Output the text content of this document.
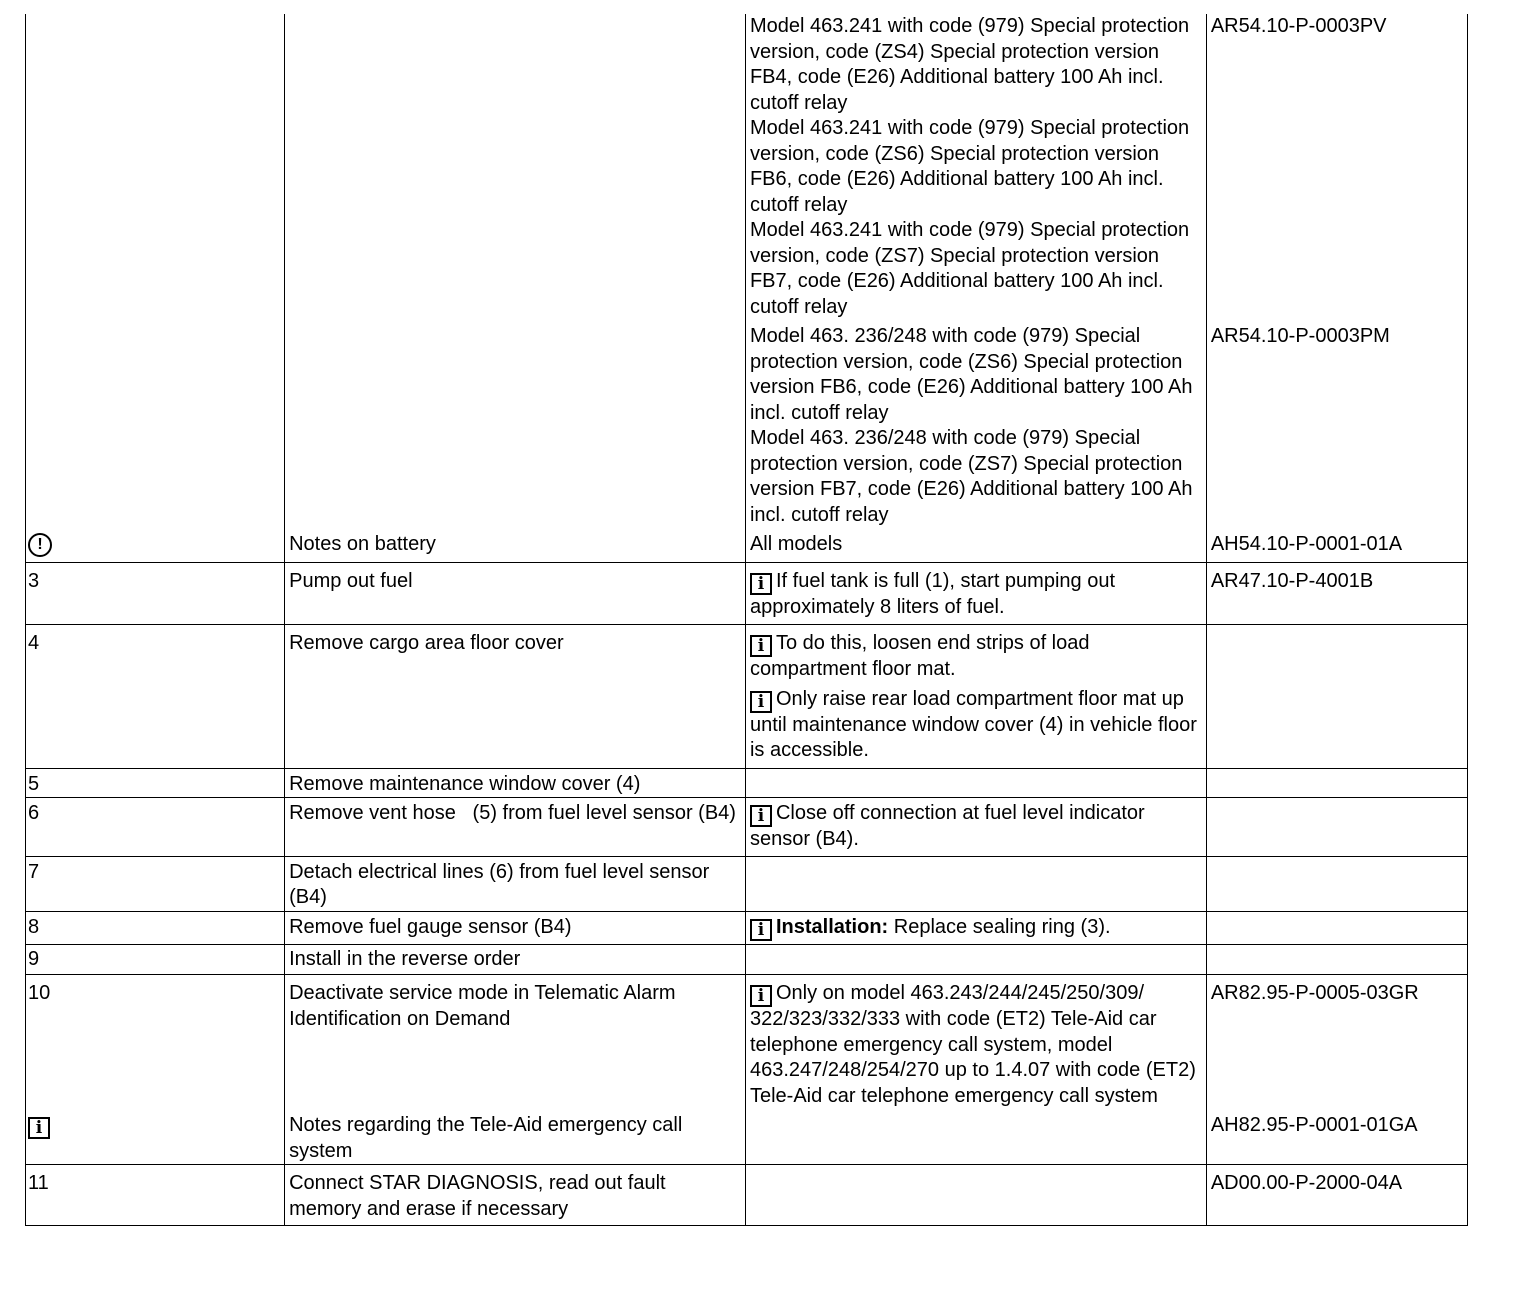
		Model 463.241 with code (979) Special protection version, code (ZS4) Special protection version FB4, code (E26) Additional battery 100 Ah incl. cutoff relay

Model 463.241 with code (979) Special protection version, code (ZS6) Special protection version FB6, code (E26) Additional battery 100 Ah incl. cutoff relay

Model 463.241 with code (979) Special protection version, code (ZS7) Special protection version FB7, code (E26) Additional battery 100 Ah incl. cutoff relay	AR54.10-P-0003PV

		Model 463. 236/248 with code (979) Special protection version, code (ZS6) Special protection version FB6, code (E26) Additional battery 100 Ah incl. cutoff relay

Model 463. 236/248 with code (979) Special protection version, code (ZS7) Special protection version FB7, code (E26) Additional battery 100 Ah incl. cutoff relay	AR54.10-P-0003PM

!	Notes on battery	All models	AH54.10-P-0001-01A
3	Pump out fuel	i If fuel tank is full (1), start pumping out approximately 8 liters of fuel.	AR47.10-P-4001B
4	Remove cargo area floor cover	i To do this, loosen end strips of load compartment floor mat.

i Only raise rear load compartment floor mat up until maintenance window cover (4) in vehicle floor is accessible.	

5	Remove maintenance window cover (4)		
6	Remove vent hose   (5) from fuel level sensor (B4)	i Close off connection at fuel level indicator sensor (B4).	

7	Detach electrical lines (6) from fuel level sensor (B4)		
8	Remove fuel gauge sensor (B4)	i Installation: Replace sealing ring (3).	

9	Install in the reverse order		
10	Deactivate service mode in Telematic Alarm Identification on Demand	i Only on model 463.243/244/245/250/309/ 322/323/332/333 with code (ET2) Tele-Aid car telephone emergency call system, model 463.247/248/254/270 up to 1.4.07 with code (ET2) Tele-Aid car telephone emergency call system	AR82.95-P-0005-03GR
i	Notes regarding the Tele-Aid emergency call system		AH82.95-P-0001-01GA
11	Connect STAR DIAGNOSIS, read out fault memory and erase if necessary		AD00.00-P-2000-04A
